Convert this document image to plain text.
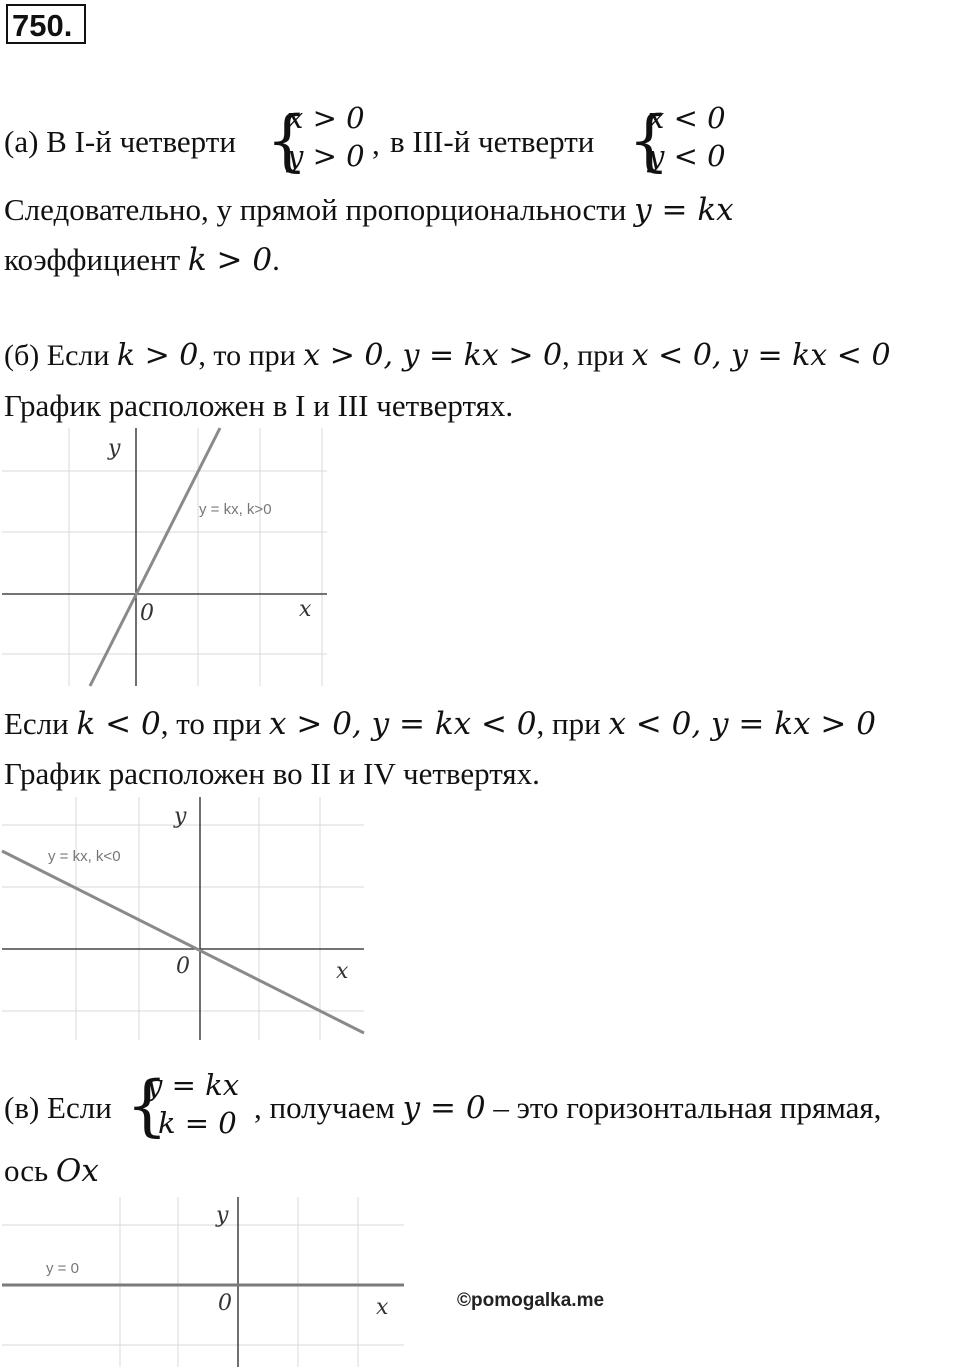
750.
(а) В I-й четверти {
x > 0
y > 0 , в III-й четверти {
x < 0
y < 0
Следовательно, у прямой пропорциональности y = kx
коэффициент k > 0.
(б) Если k > 0, то при x > 0, y = kx > 0, при x < 0, y = kx < 0
График расположен в I и III четвертях.
y
x
0
y = kx, k>0
Если k < 0, то при x > 0, y = kx < 0, при x < 0, y = kx > 0
График расположен во II и IV четвертях.
y
x
0
y = kx, k<0
(в) Если {
y = kx
k = 0 , получаем y = 0 – это горизонтальная прямая,
ось Ox
y
x
0
y = 0
©pomogalka.me
